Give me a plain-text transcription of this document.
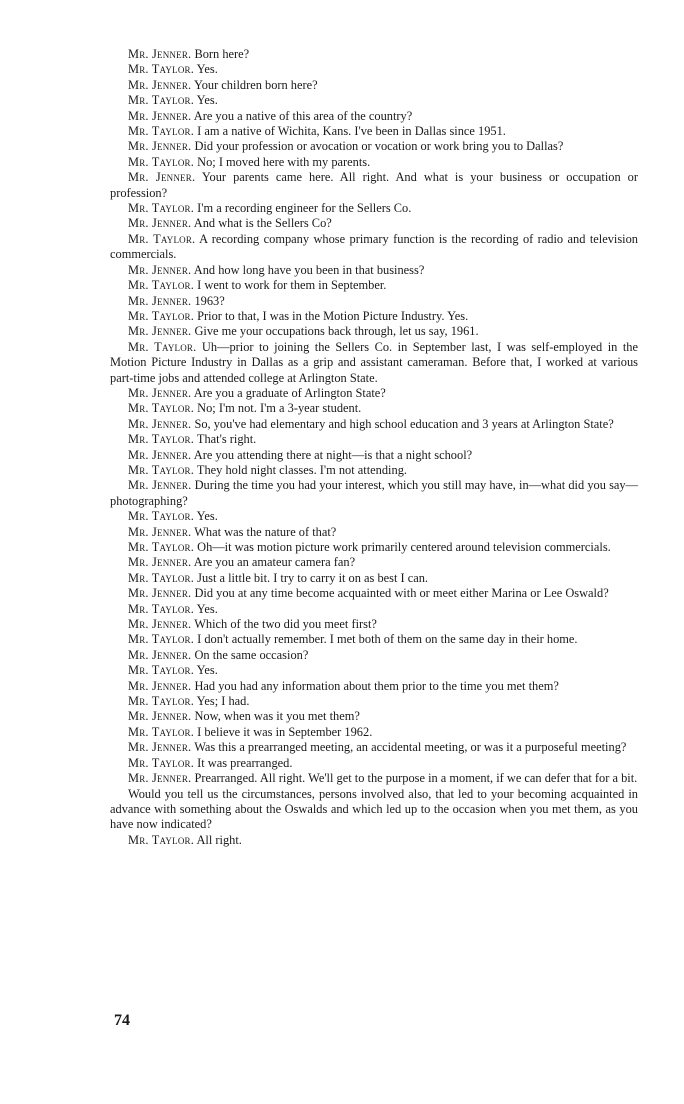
Mr. Jenner. Born here?

Mr. Taylor. Yes.

Mr. Jenner. Your children born here?

Mr. Taylor. Yes.

Mr. Jenner. Are you a native of this area of the country?

Mr. Taylor. I am a native of Wichita, Kans. I've been in Dallas since 1951.

Mr. Jenner. Did your profession or avocation or vocation or work bring you to Dallas?

Mr. Taylor. No; I moved here with my parents.

Mr. Jenner. Your parents came here. All right. And what is your business or occupation or profession?

Mr. Taylor. I'm a recording engineer for the Sellers Co.

Mr. Jenner. And what is the Sellers Co?

Mr. Taylor. A recording company whose primary function is the recording of radio and television commercials.

Mr. Jenner. And how long have you been in that business?

Mr. Taylor. I went to work for them in September.

Mr. Jenner. 1963?

Mr. Taylor. Prior to that, I was in the Motion Picture Industry. Yes.

Mr. Jenner. Give me your occupations back through, let us say, 1961.

Mr. Taylor. Uh—prior to joining the Sellers Co. in September last, I was self-employed in the Motion Picture Industry in Dallas as a grip and assistant cameraman. Before that, I worked at various part-time jobs and attended college at Arlington State.

Mr. Jenner. Are you a graduate of Arlington State?

Mr. Taylor. No; I'm not. I'm a 3-year student.

Mr. Jenner. So, you've had elementary and high school education and 3 years at Arlington State?

Mr. Taylor. That's right.

Mr. Jenner. Are you attending there at night—is that a night school?

Mr. Taylor. They hold night classes. I'm not attending.

Mr. Jenner. During the time you had your interest, which you still may have, in—what did you say—photographing?

Mr. Taylor. Yes.

Mr. Jenner. What was the nature of that?

Mr. Taylor. Oh—it was motion picture work primarily centered around television commercials.

Mr. Jenner. Are you an amateur camera fan?

Mr. Taylor. Just a little bit. I try to carry it on as best I can.

Mr. Jenner. Did you at any time become acquainted with or meet either Marina or Lee Oswald?

Mr. Taylor. Yes.

Mr. Jenner. Which of the two did you meet first?

Mr. Taylor. I don't actually remember. I met both of them on the same day in their home.

Mr. Jenner. On the same occasion?

Mr. Taylor. Yes.

Mr. Jenner. Had you had any information about them prior to the time you met them?

Mr. Taylor. Yes; I had.

Mr. Jenner. Now, when was it you met them?

Mr. Taylor. I believe it was in September 1962.

Mr. Jenner. Was this a prearranged meeting, an accidental meeting, or was it a purposeful meeting?

Mr. Taylor. It was prearranged.

Mr. Jenner. Prearranged. All right. We'll get to the purpose in a moment, if we can defer that for a bit.

Would you tell us the circumstances, persons involved also, that led to your becoming acquainted in advance with something about the Oswalds and which led up to the occasion when you met them, as you have now indicated?

Mr. Taylor. All right.

74
